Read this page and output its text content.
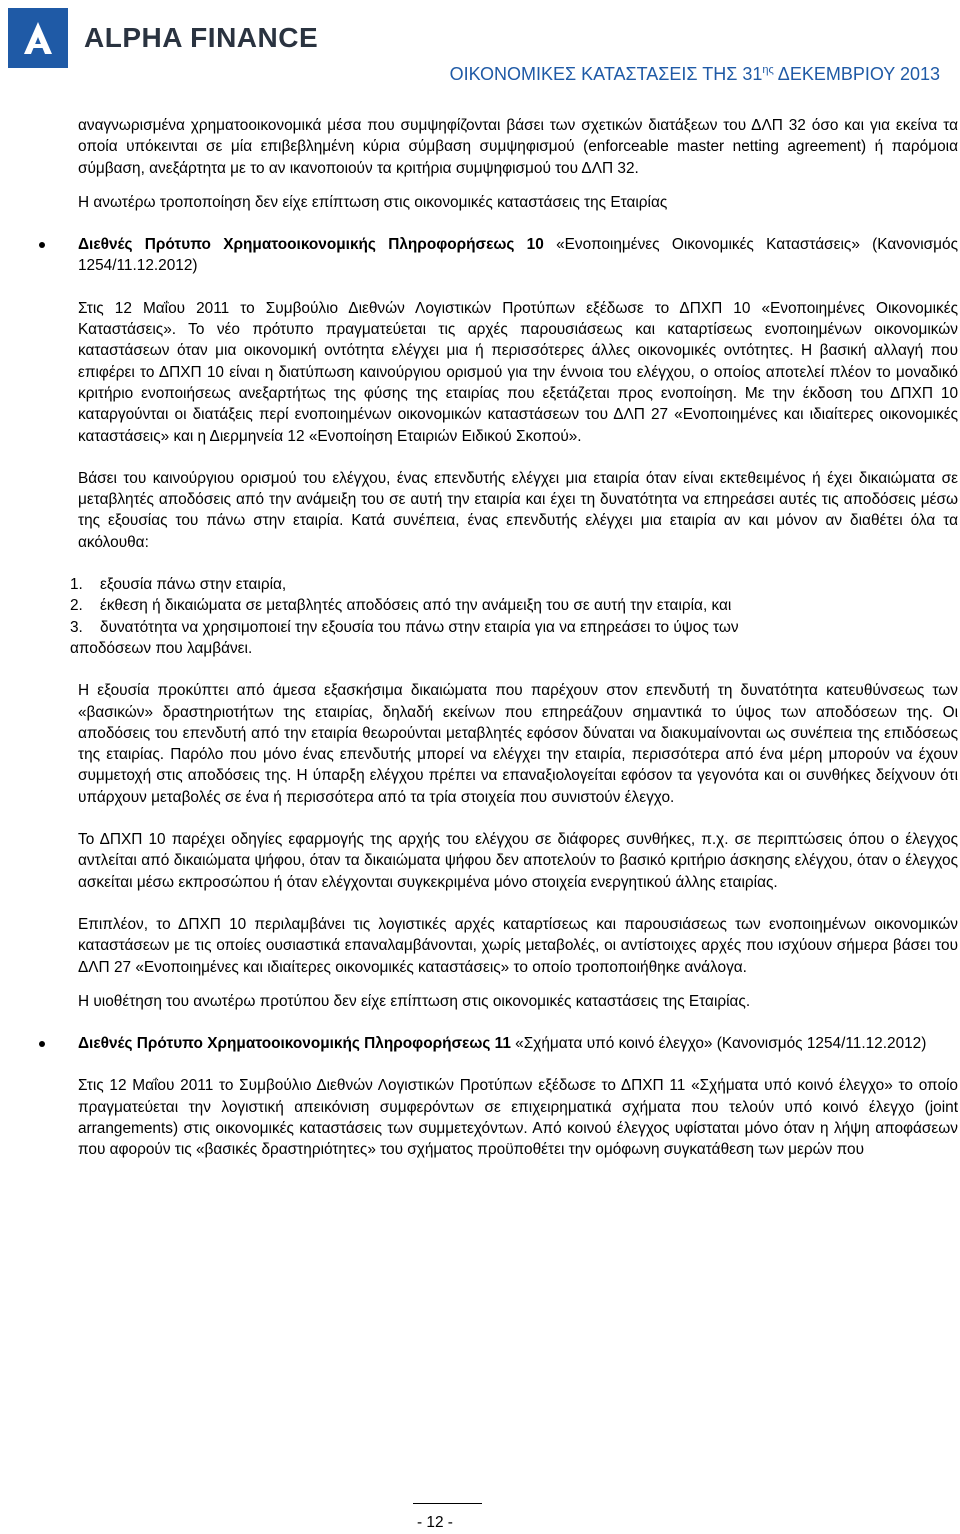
ALPHA FINANCE
ΟΙΚΟΝΟΜΙΚΕΣ ΚΑΤΑΣΤΑΣΕΙΣ ΤΗΣ $31^{\eta\varsigma}$ ΔΕΚΕΜΒΡΙΟΥ 2013

αναγνωρισμένα χρηματοοικονομικά μέσα που συμψηφίζονται βάσει των σχετικών διατάξεων του ΔΛΠ 32 όσο και για εκείνα τα οποία υπόκεινται σε μία επιβεβλημένη κύρια σύμβαση συμψηφισμού (enforceable master netting agreement) ή παρόμοια σύμβαση, ανεξάρτητα με το αν ικανοποιούν τα κριτήρια συμψηφισμού του ΔΛΠ 32.

Η ανωτέρω τροποποίηση δεν είχε επίπτωση στις οικονομικές καταστάσεις της Εταιρίας

Διεθνές Πρότυπο Χρηματοοικονομικής Πληροφορήσεως 10 «Ενοποιημένες Οικονομικές Καταστάσεις» (Κανονισμός 1254/11.12.2012)

Στις 12 Μαΐου 2011 το Συμβούλιο Διεθνών Λογιστικών Προτύπων εξέδωσε το ΔΠΧΠ 10 «Ενοποιημένες Οικονομικές Καταστάσεις». Το νέο πρότυπο πραγματεύεται τις αρχές παρουσιάσεως και καταρτίσεως ενοποιημένων οικονομικών καταστάσεων όταν μια οικονομική οντότητα ελέγχει μια ή περισσότερες άλλες οικονομικές οντότητες. Η βασική αλλαγή που επιφέρει το ΔΠΧΠ 10 είναι η διατύπωση καινούργιου ορισμού για την έννοια του ελέγχου, ο οποίος αποτελεί πλέον το μοναδικό κριτήριο ενοποιήσεως ανεξαρτήτως της φύσης της εταιρίας που εξετάζεται προς ενοποίηση. Με την έκδοση του ΔΠΧΠ 10 καταργούνται οι διατάξεις περί ενοποιημένων οικονομικών καταστάσεων του ΔΛΠ 27 «Ενοποιημένες και ιδιαίτερες οικονομικές καταστάσεις» και η Διερμηνεία 12 «Ενοποίηση Εταιριών Ειδικού Σκοπού».

Βάσει του καινούργιου ορισμού του ελέγχου, ένας επενδυτής ελέγχει μια εταιρία όταν είναι εκτεθειμένος ή έχει δικαιώματα σε μεταβλητές αποδόσεις από την ανάμειξη του σε αυτή την εταιρία και έχει τη δυνατότητα να επηρεάσει αυτές τις αποδόσεις μέσω της εξουσίας του πάνω στην εταιρία. Κατά συνέπεια, ένας επενδυτής ελέγχει μια εταιρία αν και μόνον αν διαθέτει όλα τα ακόλουθα:

1.	εξουσία πάνω στην εταιρία,
2.	έκθεση ή δικαιώματα σε μεταβλητές αποδόσεις από την ανάμειξη του σε αυτή την εταιρία, και
3.	δυνατότητα να χρησιμοποιεί την εξουσία του πάνω στην εταιρία για να επηρεάσει το ύψος των

αποδόσεων που λαμβάνει.

Η εξουσία προκύπτει από άμεσα εξασκήσιμα δικαιώματα που παρέχουν στον επενδυτή τη δυνατότητα κατευθύνσεως των «βασικών» δραστηριοτήτων της εταιρίας, δηλαδή εκείνων που επηρεάζουν σημαντικά το ύψος των αποδόσεων της. Οι αποδόσεις του επενδυτή από την εταιρία θεωρούνται μεταβλητές εφόσον δύναται να διακυμαίνονται ως συνέπεια της επιδόσεως της εταιρίας. Παρόλο που μόνο ένας επενδυτής μπορεί να ελέγχει την εταιρία, περισσότερα από ένα μέρη μπορούν να έχουν συμμετοχή στις αποδόσεις της. Η ύπαρξη ελέγχου πρέπει να επαναξιολογείται εφόσον τα γεγονότα και οι συνθήκες δείχνουν ότι υπάρχουν μεταβολές σε ένα ή περισσότερα από τα τρία στοιχεία που συνιστούν έλεγχο.

Το ΔΠΧΠ 10 παρέχει οδηγίες εφαρμογής της αρχής του ελέγχου σε διάφορες συνθήκες, π.χ. σε περιπτώσεις όπου ο έλεγχος αντλείται από δικαιώματα ψήφου, όταν τα δικαιώματα ψήφου δεν αποτελούν το βασικό κριτήριο άσκησης ελέγχου, όταν ο έλεγχος ασκείται μέσω εκπροσώπου ή όταν ελέγχονται συγκεκριμένα μόνο στοιχεία ενεργητικού άλλης εταιρίας.

Επιπλέον, το ΔΠΧΠ 10 περιλαμβάνει τις λογιστικές αρχές καταρτίσεως και παρουσιάσεως των ενοποιημένων οικονομικών καταστάσεων με τις οποίες ουσιαστικά επαναλαμβάνονται, χωρίς μεταβολές, οι αντίστοιχες αρχές που ισχύουν σήμερα βάσει του ΔΛΠ 27 «Ενοποιημένες και ιδιαίτερες οικονομικές καταστάσεις» το οποίο τροποποιήθηκε ανάλογα.

Η υιοθέτηση του ανωτέρω προτύπου δεν είχε επίπτωση στις οικονομικές καταστάσεις της Εταιρίας.

Διεθνές Πρότυπο Χρηματοοικονομικής Πληροφορήσεως 11 «Σχήματα υπό κοινό έλεγχο» (Κανονισμός 1254/11.12.2012)

Στις 12 Μαΐου 2011 το Συμβούλιο Διεθνών Λογιστικών Προτύπων εξέδωσε το ΔΠΧΠ 11 «Σχήματα υπό κοινό έλεγχο» το οποίο πραγματεύεται την λογιστική απεικόνιση συμφερόντων σε επιχειρηματικά σχήματα που τελούν υπό κοινό έλεγχο (joint arrangements) στις οικονομικές καταστάσεις των συμμετεχόντων. Από κοινού έλεγχος υφίσταται μόνο όταν η λήψη αποφάσεων που αφορούν τις «βασικές δραστηριότητες» του σχήματος προϋποθέτει την ομόφωνη συγκατάθεση των μερών που

- 12 -
